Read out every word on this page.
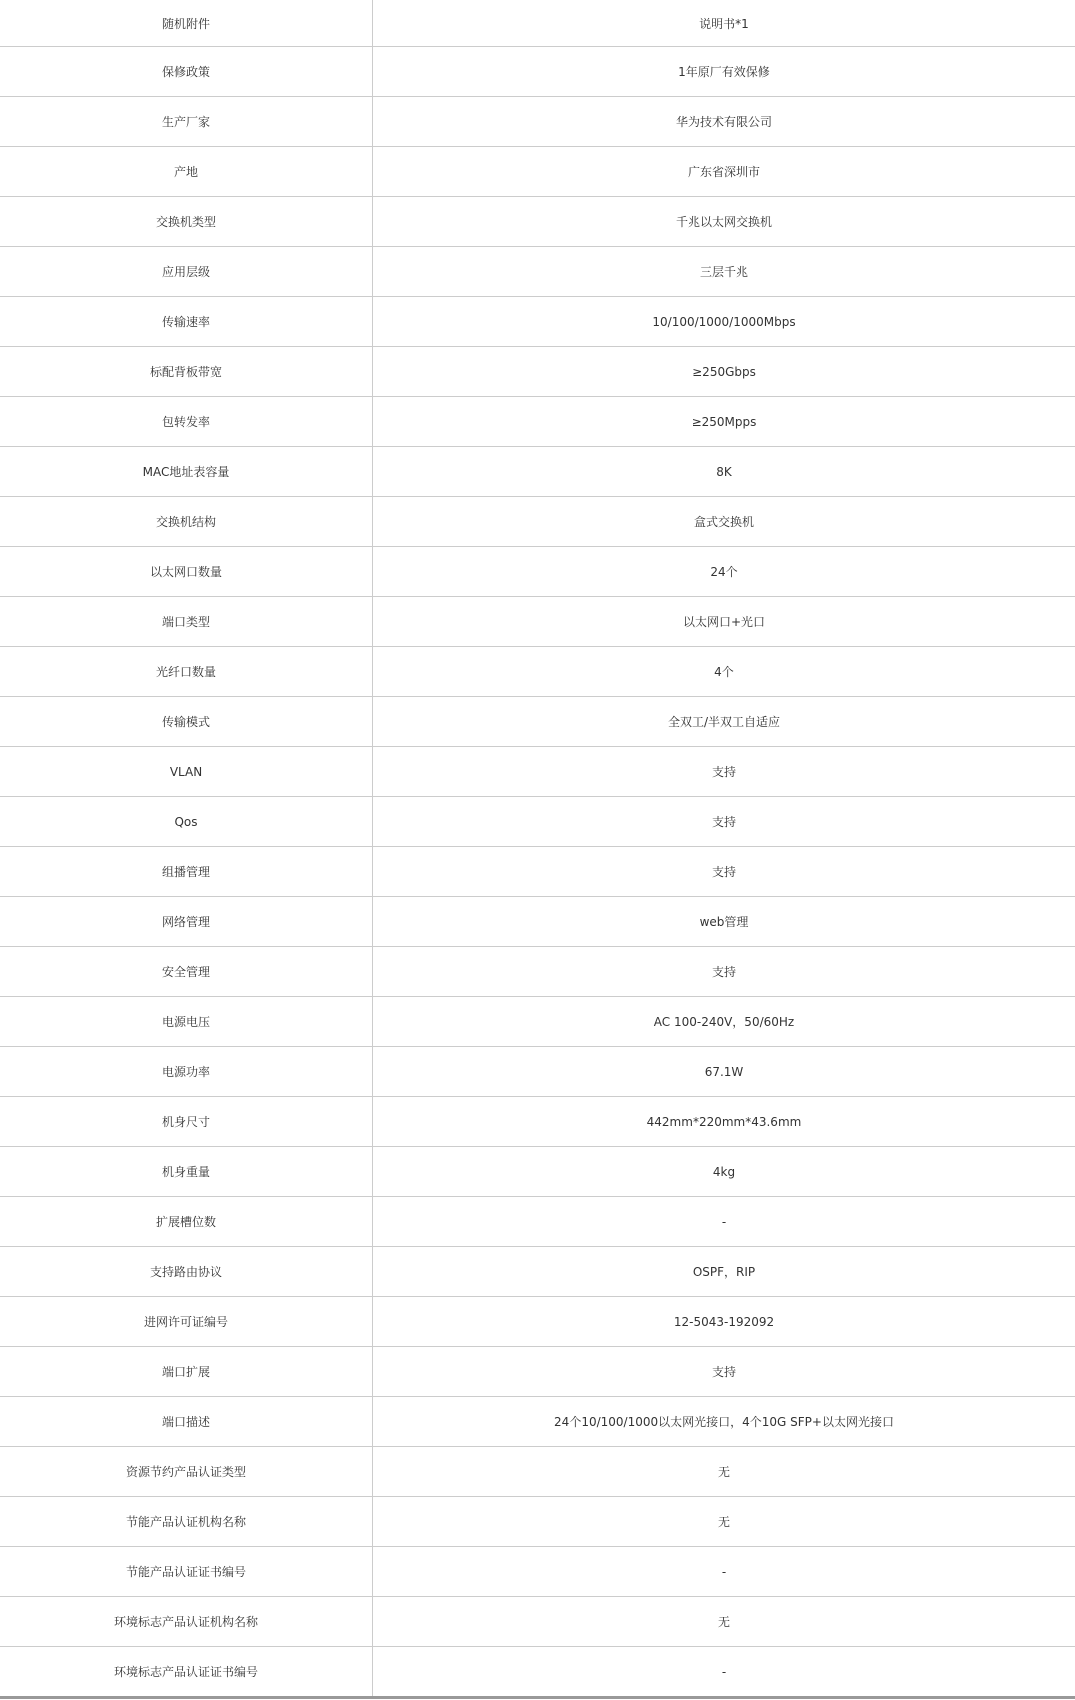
随机附件	说明书*1
保修政策	1年原厂有效保修
生产厂家	华为技术有限公司
产地	广东省深圳市
交换机类型	千兆以太网交换机
应用层级	三层千兆
传输速率	10/100/1000/1000Mbps
标配背板带宽	≥250Gbps
包转发率	≥250Mpps
MAC地址表容量	8K
交换机结构	盒式交换机
以太网口数量	24个
端口类型	以太网口+光口
光纤口数量	4个
传输模式	全双工/半双工自适应
VLAN	支持
Qos	支持
组播管理	支持
网络管理	web管理
安全管理	支持
电源电压	AC 100-240V，50/60Hz
电源功率	67.1W
机身尺寸	442mm*220mm*43.6mm
机身重量	4kg
扩展槽位数	-
支持路由协议	OSPF，RIP
进网许可证编号	12-5043-192092
端口扩展	支持
端口描述	24个10/100/1000以太网光接口，4个10G SFP+以太网光接口
资源节约产品认证类型	无
节能产品认证机构名称	无
节能产品认证证书编号	-
环境标志产品认证机构名称	无
环境标志产品认证证书编号	-
